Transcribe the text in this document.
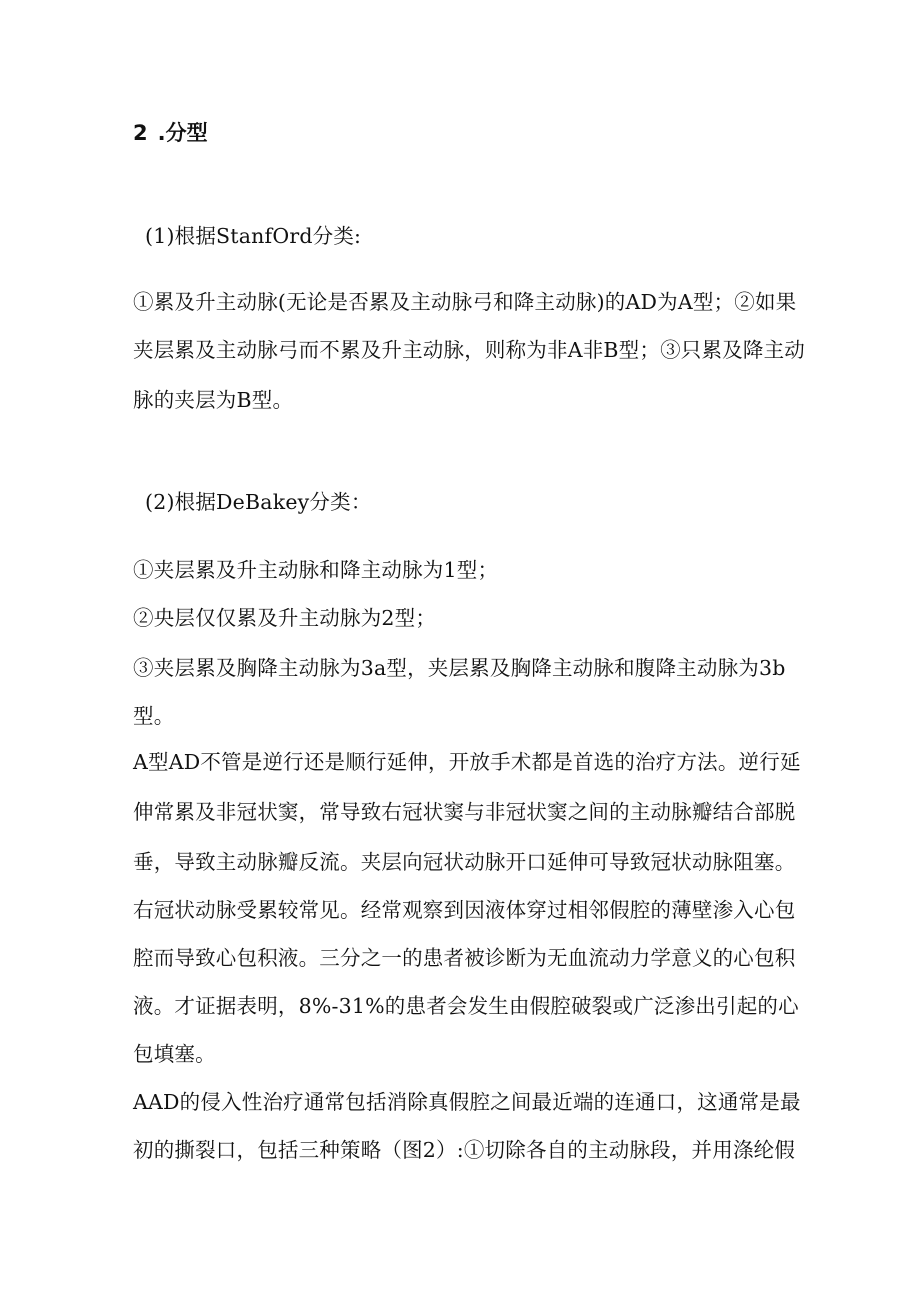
2 .分型
(1)根据StanfOrd分类:
①累及升主动脉(无论是否累及主动脉弓和降主动脉)的AD为A型；②如果
夹层累及主动脉弓而不累及升主动脉，则称为非A非B型；③只累及降主动
脉的夹层为B型。
(2)根据DeBakey分类：
①夹层累及升主动脉和降主动脉为1型；
②央层仅仅累及升主动脉为2型；
③夹层累及胸降主动脉为3a型，夹层累及胸降主动脉和腹降主动脉为3b
型。
A型AD不管是逆行还是顺行延伸，开放手术都是首选的治疗方法。逆行延
伸常累及非冠状窦，常导致右冠状窦与非冠状窦之间的主动脉瓣结合部脱
垂，导致主动脉瓣反流。夹层向冠状动脉开口延伸可导致冠状动脉阻塞。
右冠状动脉受累较常见。经常观察到因液体穿过相邻假腔的薄壁渗入心包
腔而导致心包积液。三分之一的患者被诊断为无血流动力学意义的心包积
液。才证据表明，8%-31%的患者会发生由假腔破裂或广泛渗出引起的心
包填塞。
AAD的侵入性治疗通常包括消除真假腔之间最近端的连通口，这通常是最
初的撕裂口，包括三种策略（图2）:①切除各自的主动脉段，并用涤纶假
